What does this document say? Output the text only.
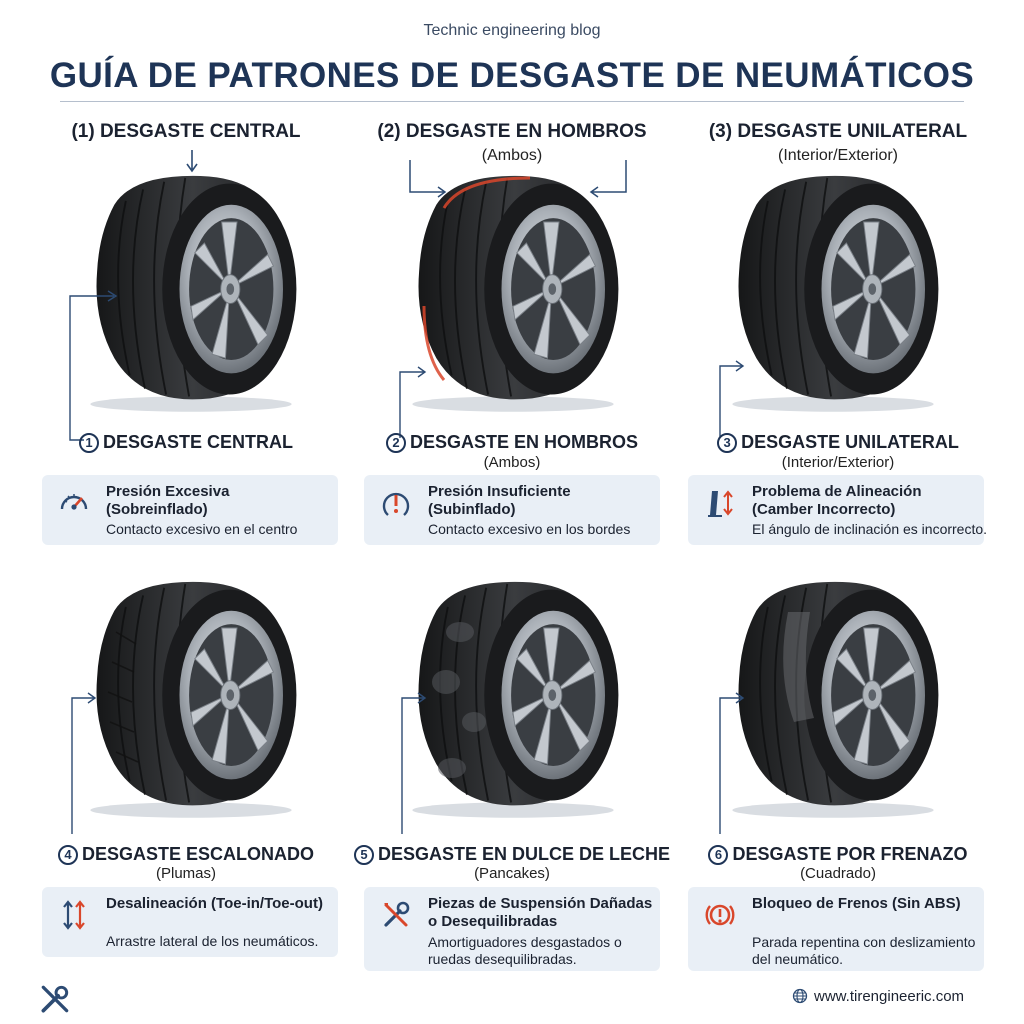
Technic engineering blog
GUÍA DE PATRONES DE DESGASTE DE NEUMÁTICOS
(1) DESGASTE CENTRAL
1 DESGASTE CENTRAL
Presión Excesiva (Sobreinflado)
Contacto excesivo en el centro
(2) DESGASTE EN HOMBROS
(Ambos)
2 DESGASTE EN HOMBROS
(Ambos)
Presión Insuficiente (Subinflado)
Contacto excesivo en los bordes
(3) DESGASTE UNILATERAL
(Interior/Exterior)
3 DESGASTE UNILATERAL
(Interior/Exterior)
Problema de Alineación (Camber Incorrecto)
El ángulo de inclinación es incorrecto.
4 DESGASTE ESCALONADO
(Plumas)
Desalineación (Toe-in/Toe-out)
Arrastre lateral de los neumáticos.
5 DESGASTE EN DULCE DE LECHE
(Pancakes)
Piezas de Suspensión Dañadas o Desequilibradas
Amortiguadores desgastados o ruedas desequilibradas.
6 DESGASTE POR FRENAZO
(Cuadrado)
Bloqueo de Frenos (Sin ABS)
Parada repentina con deslizamiento del neumático.
www.tirengineeric.com
